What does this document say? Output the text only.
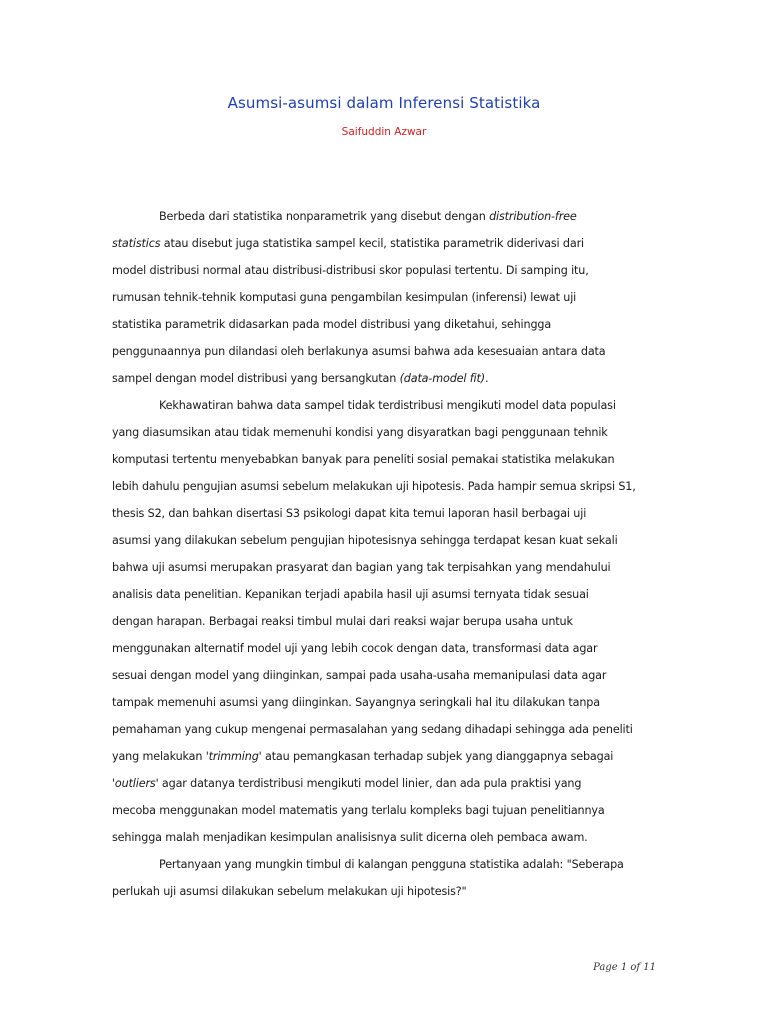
Asumsi-asumsi dalam Inferensi Statistika
Saifuddin Azwar
Berbeda dari statistika nonparametrik yang disebut dengan distribution-free
statistics atau disebut juga statistika sampel kecil, statistika parametrik diderivasi dari
model distribusi normal atau distribusi-distribusi skor populasi tertentu. Di samping itu,
rumusan tehnik-tehnik komputasi guna pengambilan kesimpulan (inferensi) lewat uji
statistika parametrik didasarkan pada model distribusi yang diketahui, sehingga
penggunaannya pun dilandasi oleh berlakunya asumsi bahwa ada kesesuaian antara data
sampel dengan model distribusi yang bersangkutan (data-model fit).
Kekhawatiran bahwa data sampel tidak terdistribusi mengikuti model data populasi
yang diasumsikan atau tidak memenuhi kondisi yang disyaratkan bagi penggunaan tehnik
komputasi tertentu menyebabkan banyak para peneliti sosial pemakai statistika melakukan
lebih dahulu pengujian asumsi sebelum melakukan uji hipotesis. Pada hampir semua skripsi S1,
thesis S2, dan bahkan disertasi S3 psikologi dapat kita temui laporan hasil berbagai uji
asumsi yang dilakukan sebelum pengujian hipotesisnya sehingga terdapat kesan kuat sekali
bahwa uji asumsi merupakan prasyarat dan bagian yang tak terpisahkan yang mendahului
analisis data penelitian. Kepanikan terjadi apabila hasil uji asumsi ternyata tidak sesuai
dengan harapan. Berbagai reaksi timbul mulai dari reaksi wajar berupa usaha untuk
menggunakan alternatif model uji yang lebih cocok dengan data, transformasi data agar
sesuai dengan model yang diinginkan, sampai pada usaha-usaha memanipulasi data agar
tampak memenuhi asumsi yang diinginkan. Sayangnya seringkali hal itu dilakukan tanpa
pemahaman yang cukup mengenai permasalahan yang sedang dihadapi sehingga ada peneliti
yang melakukan 'trimming' atau pemangkasan terhadap subjek yang dianggapnya sebagai
'outliers' agar datanya terdistribusi mengikuti model linier, dan ada pula praktisi yang
mecoba menggunakan model matematis yang terlalu kompleks bagi tujuan penelitiannya
sehingga malah menjadikan kesimpulan analisisnya sulit dicerna oleh pembaca awam.
Pertanyaan yang mungkin timbul di kalangan pengguna statistika adalah: "Seberapa
perlukah uji asumsi dilakukan sebelum melakukan uji hipotesis?"
Page 1 of 11
